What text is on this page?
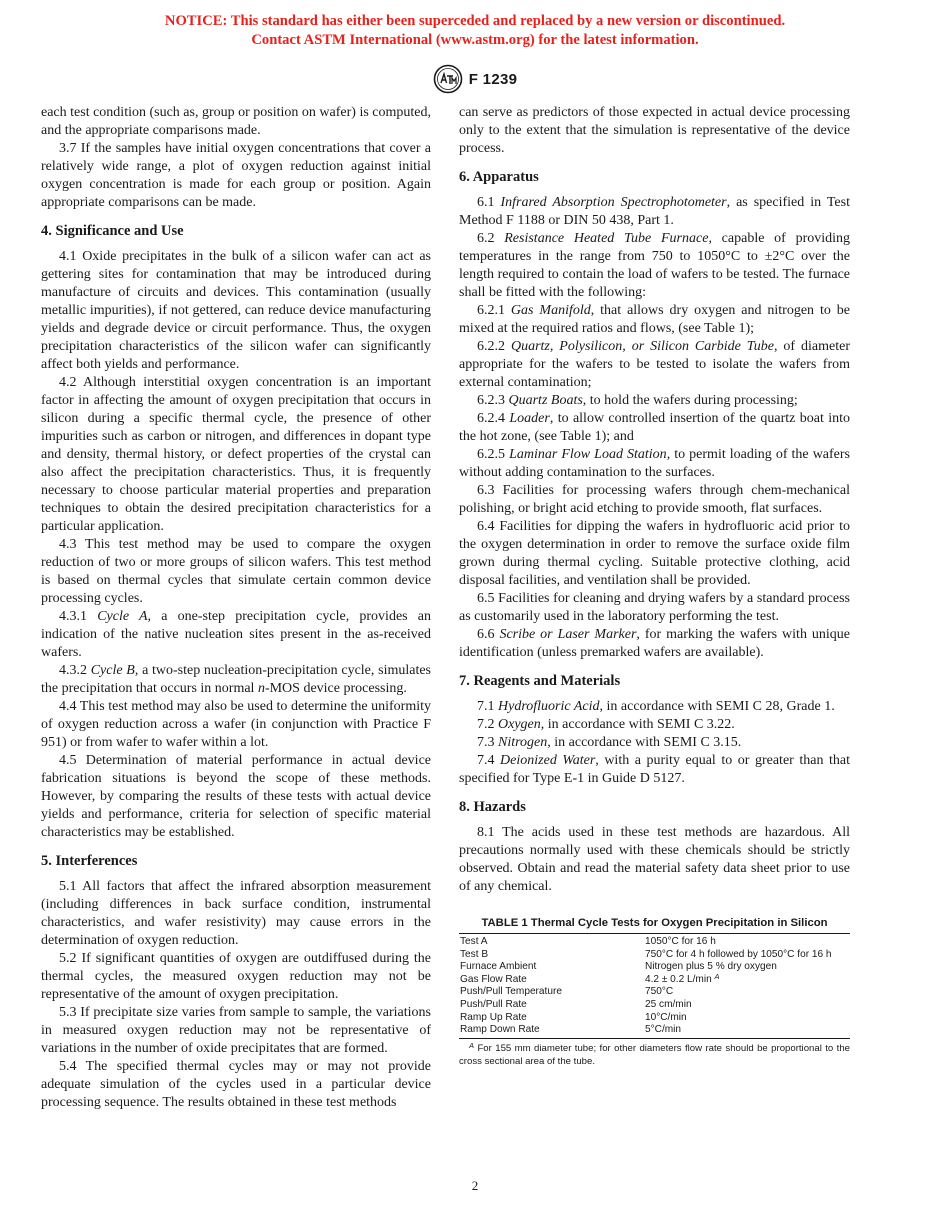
NOTICE: This standard has either been superceded and replaced by a new version or discontinued.
Contact ASTM International (www.astm.org) for the latest information.
F 1239

each test condition (such as, group or position on wafer) is computed, and the appropriate comparisons made.

3.7 If the samples have initial oxygen concentrations that cover a relatively wide range, a plot of oxygen reduction against initial oxygen concentration is made for each group or position. Again appropriate comparisons can be made.

4. Significance and Use

4.1 Oxide precipitates in the bulk of a silicon wafer can act as gettering sites for contamination that may be introduced during manufacture of circuits and devices. This contamination (usually metallic impurities), if not gettered, can reduce device manufacturing yields and degrade device or circuit performance. Thus, the oxygen precipitation characteristics of the silicon wafer can significantly affect both yields and performance.

4.2 Although interstitial oxygen concentration is an important factor in affecting the amount of oxygen precipitation that occurs in silicon during a specific thermal cycle, the presence of other impurities such as carbon or nitrogen, and differences in dopant type and density, thermal history, or defect properties of the crystal can also affect the precipitation characteristics. Thus, it is frequently necessary to choose particular material properties and preparation techniques to obtain the desired precipitation characteristics for a particular application.

4.3 This test method may be used to compare the oxygen reduction of two or more groups of silicon wafers. This test method is based on thermal cycles that simulate certain common device processing cycles.

4.3.1 Cycle A, a one-step precipitation cycle, provides an indication of the native nucleation sites present in the as-received wafers.

4.3.2 Cycle B, a two-step nucleation-precipitation cycle, simulates the precipitation that occurs in normal n-MOS device processing.

4.4 This test method may also be used to determine the uniformity of oxygen reduction across a wafer (in conjunction with Practice F 951) or from wafer to wafer within a lot.

4.5 Determination of material performance in actual device fabrication situations is beyond the scope of these methods. However, by comparing the results of these tests with actual device yields and performance, criteria for selection of specific material characteristics may be established.

5. Interferences

5.1 All factors that affect the infrared absorption measurement (including differences in back surface condition, instrumental characteristics, and wafer resistivity) may cause errors in the determination of oxygen reduction.

5.2 If significant quantities of oxygen are outdiffused during the thermal cycles, the measured oxygen reduction may not be representative of the amount of oxygen precipitation.

5.3 If precipitate size varies from sample to sample, the variations in measured oxygen reduction may not be representative of variations in the number of oxide precipitates that are formed.

5.4 The specified thermal cycles may or may not provide adequate simulation of the cycles used in a particular device processing sequence. The results obtained in these test methods

can serve as predictors of those expected in actual device processing only to the extent that the simulation is representative of the device process.

6. Apparatus

6.1 Infrared Absorption Spectrophotometer, as specified in Test Method F 1188 or DIN 50 438, Part 1.

6.2 Resistance Heated Tube Furnace, capable of providing temperatures in the range from 750 to 1050°C to ±2°C over the length required to contain the load of wafers to be tested. The furnace shall be fitted with the following:

6.2.1 Gas Manifold, that allows dry oxygen and nitrogen to be mixed at the required ratios and flows, (see Table 1);

6.2.2 Quartz, Polysilicon, or Silicon Carbide Tube, of diameter appropriate for the wafers to be tested to isolate the wafers from external contamination;

6.2.3 Quartz Boats, to hold the wafers during processing;

6.2.4 Loader, to allow controlled insertion of the quartz boat into the hot zone, (see Table 1); and

6.2.5 Laminar Flow Load Station, to permit loading of the wafers without adding contamination to the surfaces.

6.3 Facilities for processing wafers through chem-mechanical polishing, or bright acid etching to provide smooth, flat surfaces.

6.4 Facilities for dipping the wafers in hydrofluoric acid prior to the oxygen determination in order to remove the surface oxide film grown during thermal cycling. Suitable protective clothing, acid disposal facilities, and ventilation shall be provided.

6.5 Facilities for cleaning and drying wafers by a standard process as customarily used in the laboratory performing the test.

6.6 Scribe or Laser Marker, for marking the wafers with unique identification (unless premarked wafers are available).

7. Reagents and Materials

7.1 Hydrofluoric Acid, in accordance with SEMI C 28, Grade 1.

7.2 Oxygen, in accordance with SEMI C 3.22.

7.3 Nitrogen, in accordance with SEMI C 3.15.

7.4 Deionized Water, with a purity equal to or greater than that specified for Type E-1 in Guide D 5127.

8. Hazards

8.1 The acids used in these test methods are hazardous. All precautions normally used with these chemicals should be strictly observed. Obtain and read the material safety data sheet prior to use of any chemical.

TABLE 1 Thermal Cycle Tests for Oxygen Precipitation in Silicon
Test A	1050°C for 16 h
Test B	750°C for 4 h followed by 1050°C for 16 h
Furnace Ambient	Nitrogen plus 5 % dry oxygen
Gas Flow Rate	4.2 ± 0.2 L/min $^A$
Push/Pull Temperature	750°C
Push/Pull Rate	25 cm/min
Ramp Up Rate	10°C/min
Ramp Down Rate	5°C/min
$^A$ For 155 mm diameter tube; for other diameters flow rate should be proportional to the cross sectional area of the tube.
2
